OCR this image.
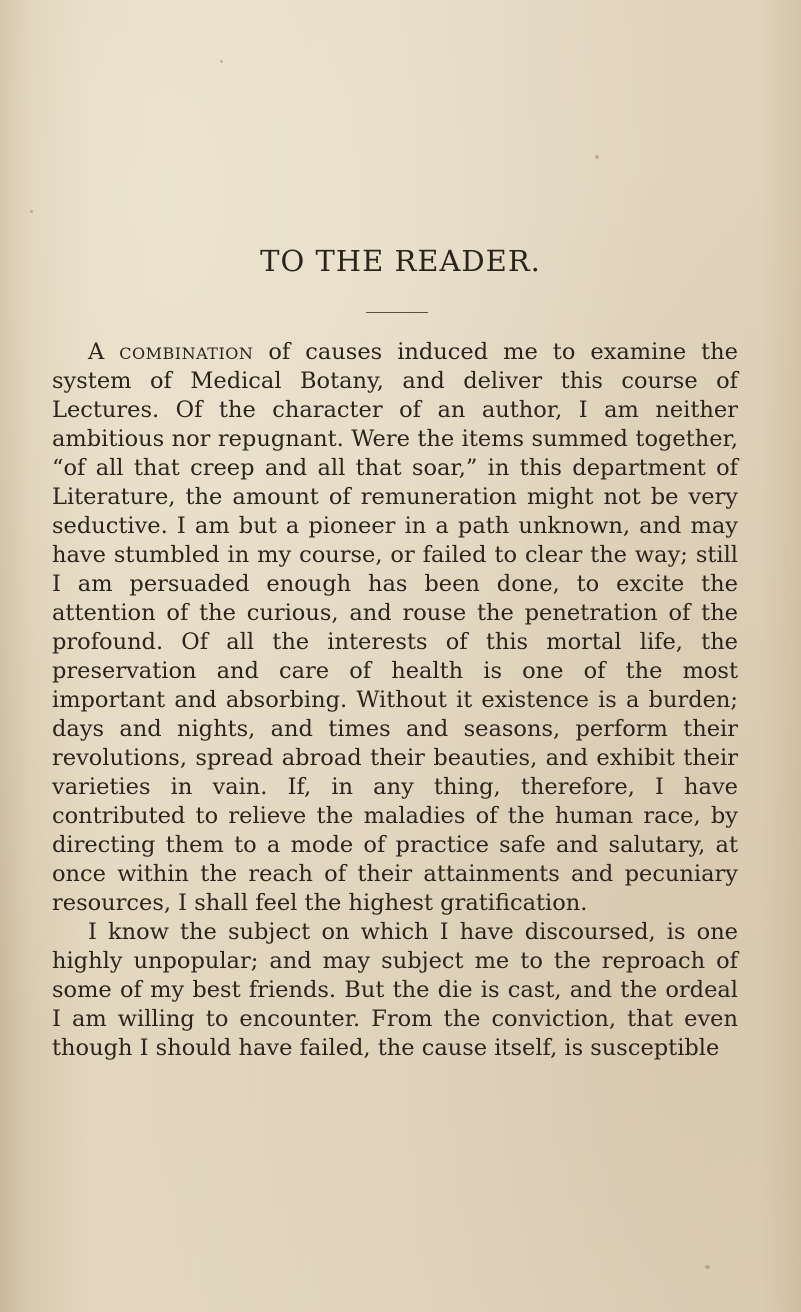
TO THE READER.

A combination of causes induced me to examine the system of Medical Botany, and deliver this course of Lectures. Of the character of an author, I am neither ambitious nor repugnant. Were the items summed together, “of all that creep and all that soar,” in this department of Literature, the amount of remuneration might not be very seductive. I am but a pioneer in a path unknown, and may have stumbled in my course, or failed to clear the way; still I am persuaded enough has been done, to excite the attention of the curious, and rouse the penetration of the profound. Of all the interests of this mortal life, the preservation and care of health is one of the most important and absorbing. Without it existence is a burden; days and nights, and times and seasons, perform their revolutions, spread abroad their beauties, and exhibit their varieties in vain. If, in any thing, therefore, I have contributed to relieve the maladies of the human race, by directing them to a mode of practice safe and salutary, at once within the reach of their attainments and pecuniary resources, I shall feel the highest gratification.

I know the subject on which I have discoursed, is one highly unpopular; and may subject me to the reproach of some of my best friends. But the die is cast, and the ordeal I am willing to encounter. From the conviction, that even though I should have failed, the cause itself, is susceptible
